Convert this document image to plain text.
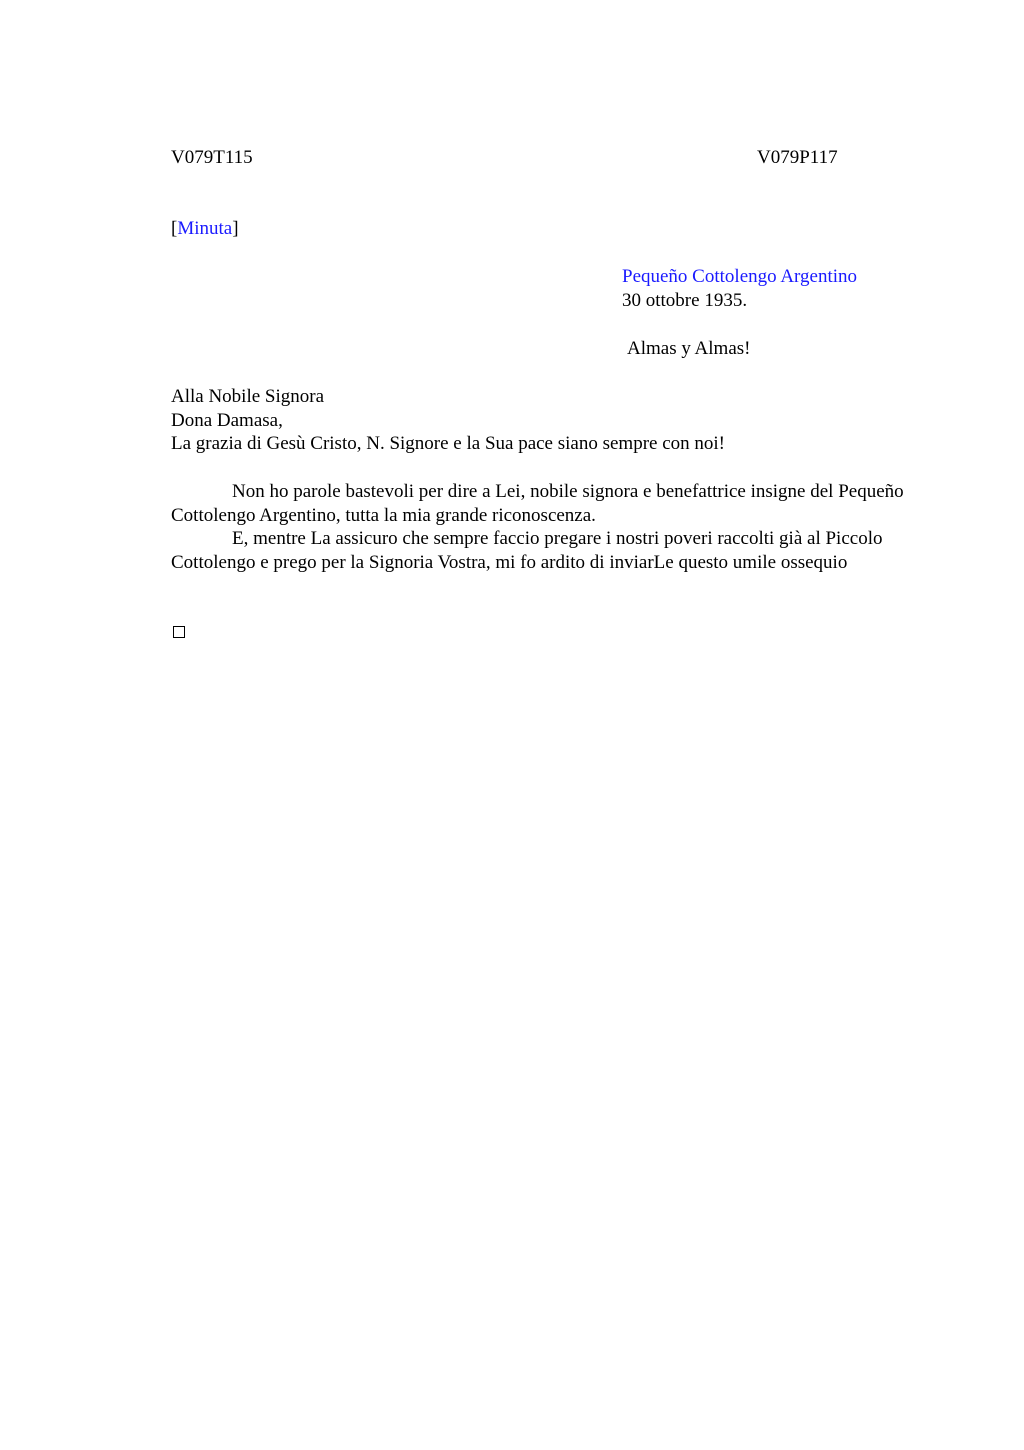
V079T115	V079P117
[Minuta]
Pequeño Cottolengo Argentino
30 ottobre 1935.
Almas y Almas!
Alla Nobile Signora
Dona Damasa,
La grazia di Gesù Cristo, N. Signore e la Sua pace siano sempre con noi!

Non ho parole bastevoli per dire a Lei, nobile signora e benefattrice insigne del Pequeño Cottolengo Argentino, tutta la mia grande riconoscenza.

E, mentre La assicuro che sempre faccio pregare i nostri poveri raccolti già al Piccolo Cottolengo e prego per la Signoria Vostra, mi fo ardito di inviarLe questo umile ossequio
